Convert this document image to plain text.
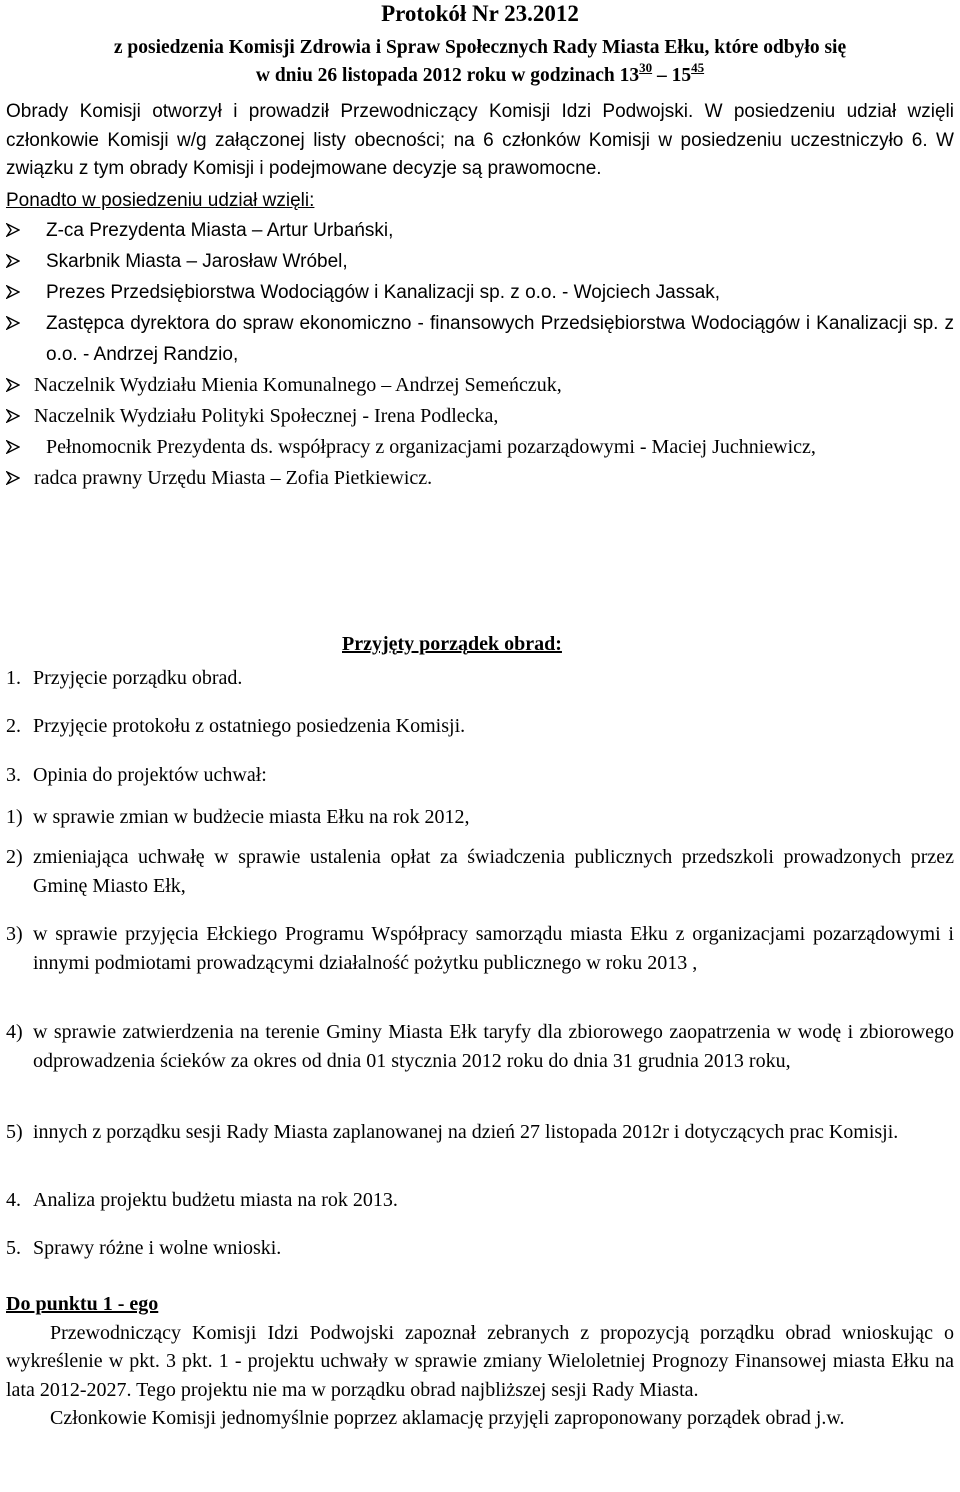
Protokół Nr 23.2012
z posiedzenia Komisji Zdrowia i Spraw Społecznych Rady Miasta Ełku, które odbyło się
w dniu 26 listopada 2012 roku w godzinach $13^{30} - 15^{45}$
Obrady Komisji otworzył i prowadził Przewodniczący Komisji Idzi Podwojski. W posiedzeniu udział wzięli członkowie Komisji w/g załączonej listy obecności; na 6 członków Komisji w posiedzeniu uczestniczyło 6. W związku z tym obrady Komisji i podejmowane decyzje są prawomocne.
Ponadto w posiedzeniu udział wzięli:
Z-ca Prezydenta Miasta – Artur Urbański,
Skarbnik Miasta – Jarosław Wróbel,
Prezes Przedsiębiorstwa Wodociągów i Kanalizacji sp. z o.o. - Wojciech Jassak,
Zastępca dyrektora do spraw ekonomiczno - finansowych Przedsiębiorstwa Wodociągów i Kanalizacji sp. z o.o. - Andrzej Randzio,
Naczelnik Wydziału Mienia Komunalnego – Andrzej Semeńczuk,
Naczelnik Wydziału Polityki Społecznej - Irena Podlecka,
Pełnomocnik Prezydenta ds. współpracy z organizacjami pozarządowymi - Maciej Juchniewicz,
radca prawny Urzędu Miasta – Zofia Pietkiewicz.
Przyjęty porządek obrad:
1. Przyjęcie porządku obrad.
2. Przyjęcie protokołu z ostatniego posiedzenia Komisji.
3. Opinia do projektów uchwał:
1) w sprawie zmian w budżecie miasta Ełku na rok 2012,
2) zmieniająca uchwałę w sprawie ustalenia opłat za świadczenia publicznych przedszkoli prowadzonych przez Gminę Miasto Ełk,
3) w sprawie przyjęcia Ełckiego Programu Współpracy samorządu miasta Ełku z organizacjami pozarządowymi i innymi podmiotami prowadzącymi działalność pożytku publicznego w roku 2013 ,
4) w sprawie zatwierdzenia na terenie Gminy Miasta Ełk taryfy dla zbiorowego zaopatrzenia w wodę i zbiorowego odprowadzenia ścieków za okres od dnia 01 stycznia 2012 roku do dnia 31 grudnia 2013 roku,
5) innych z porządku sesji Rady Miasta zaplanowanej na dzień 27 listopada 2012r i dotyczących prac Komisji.
4. Analiza projektu budżetu miasta na rok 2013.
5. Sprawy różne i wolne wnioski.
Do punktu 1 - ego
Przewodniczący Komisji Idzi Podwojski zapoznał zebranych z propozycją porządku obrad wnioskując o wykreślenie w pkt. 3 pkt. 1 - projektu uchwały w sprawie zmiany Wieloletniej Prognozy Finansowej miasta Ełku na lata 2012-2027. Tego projektu nie ma w porządku obrad najbliższej sesji Rady Miasta.
Członkowie Komisji jednomyślnie poprzez aklamację przyjęli zaproponowany porządek obrad j.w.
